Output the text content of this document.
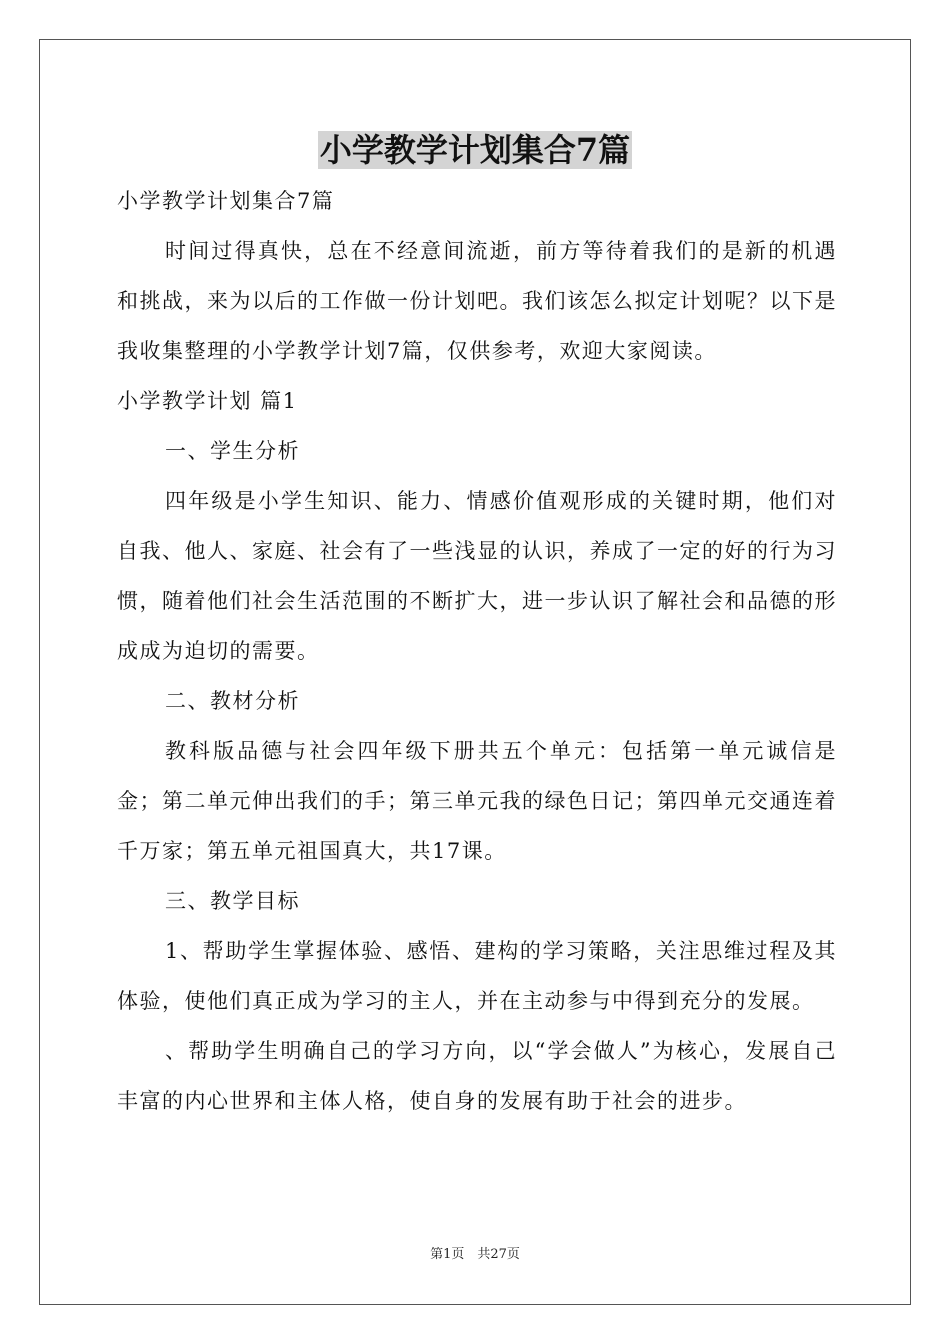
小学教学计划集合7篇

小学教学计划集合7篇

时间过得真快，总在不经意间流逝，前方等待着我们的是新的机遇和挑战，来为以后的工作做一份计划吧。我们该怎么拟定计划呢？以下是我收集整理的小学教学计划7篇，仅供参考，欢迎大家阅读。

小学教学计划 篇1

一、学生分析

四年级是小学生知识、能力、情感价值观形成的关键时期，他们对自我、他人、家庭、社会有了一些浅显的认识，养成了一定的好的行为习惯，随着他们社会生活范围的不断扩大，进一步认识了解社会和品德的形成成为迫切的需要。

二、教材分析

教科版品德与社会四年级下册共五个单元：包括第一单元诚信是金；第二单元伸出我们的手；第三单元我的绿色日记；第四单元交通连着千万家；第五单元祖国真大，共17课。

三、教学目标

1、帮助学生掌握体验、感悟、建构的学习策略，关注思维过程及其体验，使他们真正成为学习的主人，并在主动参与中得到充分的发展。

、帮助学生明确自己的学习方向，以“学会做人”为核心，发展自己丰富的内心世界和主体人格，使自身的发展有助于社会的进步。

第1页　共27页
